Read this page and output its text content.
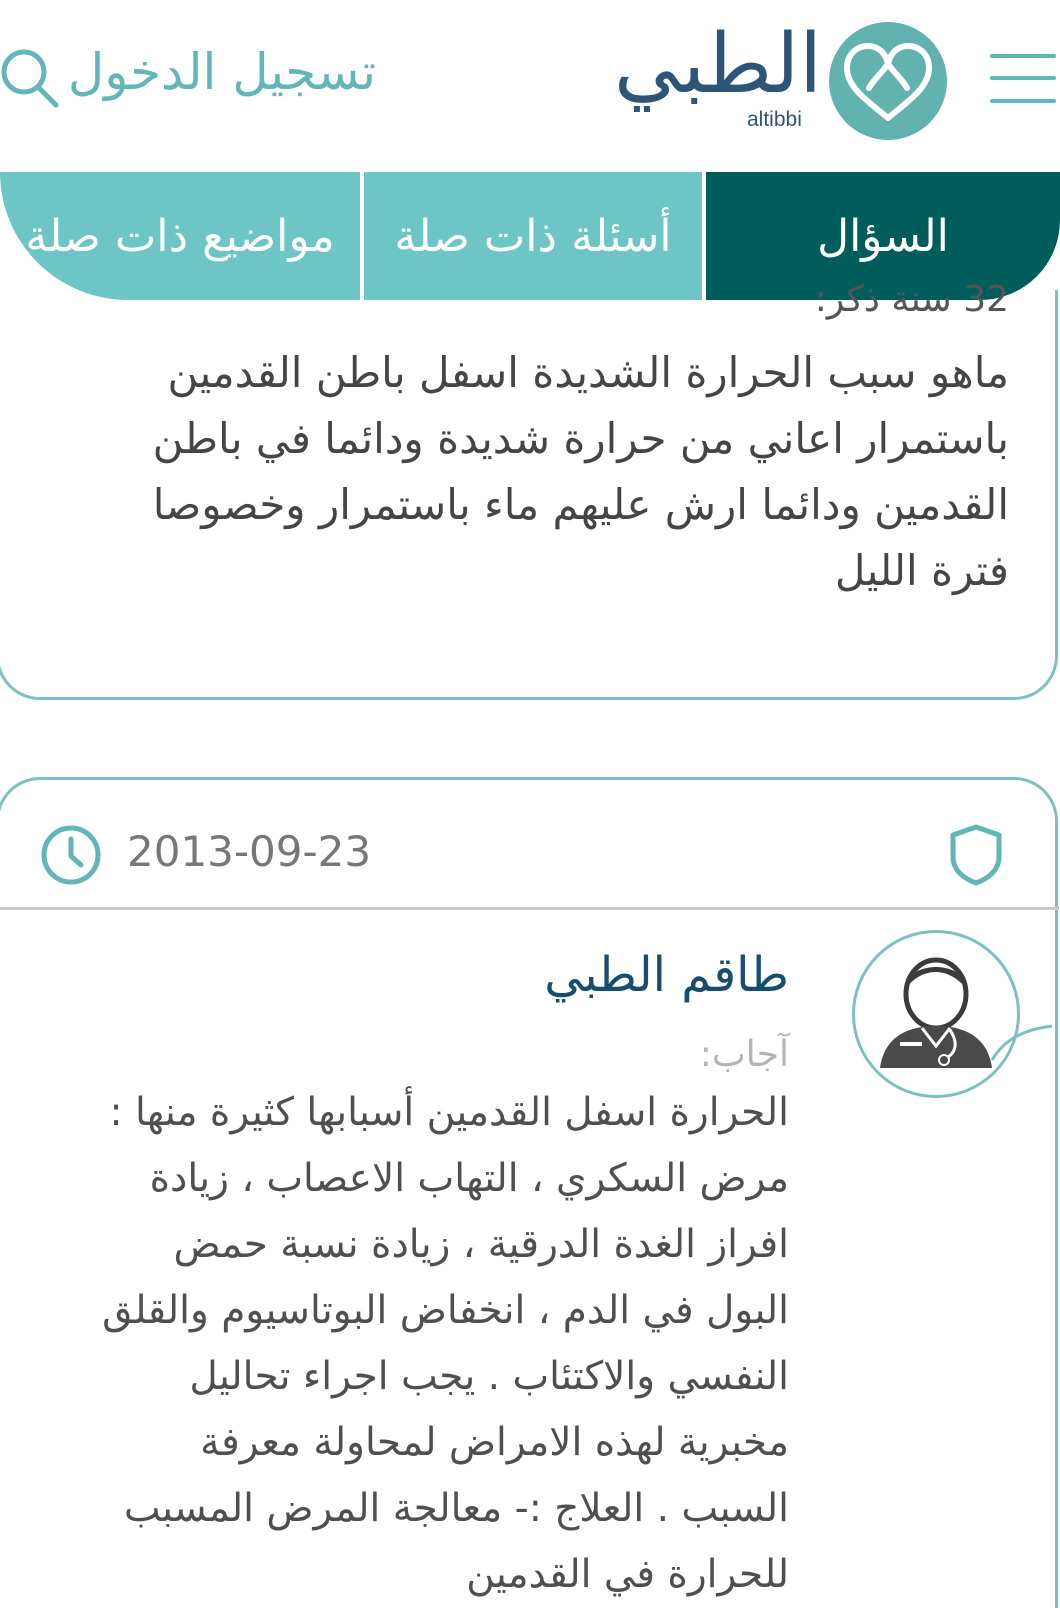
الطبي
altibbi
تسجيل الدخول
مواضيع ذات صلة	أسئلة ذات صلة	السؤال
32 سنة ذكر:
ماهو سبب الحرارة الشديدة اسفل باطن القدمين باستمرار اعاني من حرارة شديدة ودائما في باطن القدمين ودائما ارش عليهم ماء باستمرار وخصوصا فترة الليل
2013-09-23
طاقم الطبي
آجاب:
الحرارة اسفل القدمين أسبابها كثيرة منها : مرض السكري ، التهاب الاعصاب ، زيادة افراز الغدة الدرقية ، زيادة نسبة حمض البول في الدم ، انخفاض البوتاسيوم والقلق النفسي والاكتئاب . يجب اجراء تحاليل مخبرية لهذه الامراض لمحاولة معرفة السبب . العلاج :- معالجة المرض المسبب للحرارة في القدمين
